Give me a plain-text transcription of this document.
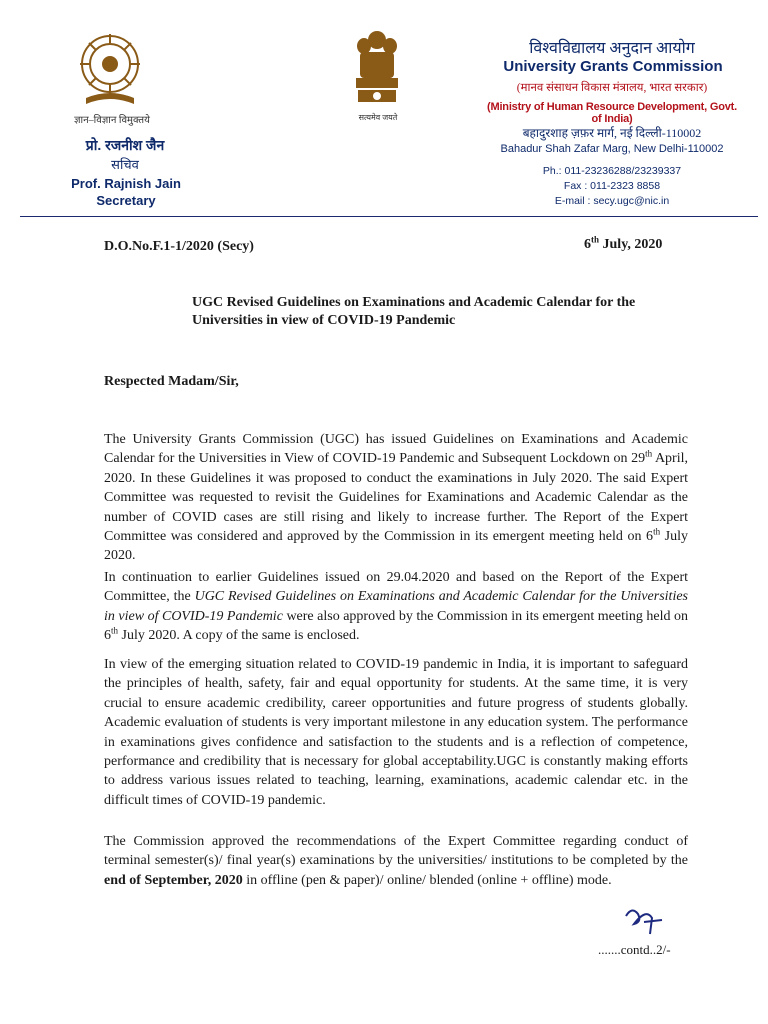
ज्ञान–विज्ञान विमुक्तये
प्रो. रजनीश जैन
सचिव
Prof. Rajnish Jain
Secretary
सत्यमेव जयते
विश्वविद्यालय अनुदान आयोग
University Grants Commission
(मानव संसाधन विकास मंत्रालय, भारत सरकार)
(Ministry of Human Resource Development, Govt. of India)
बहादुरशाह ज़फ़र मार्ग, नई दिल्ली-110002
Bahadur Shah Zafar Marg, New Delhi-110002
Ph.: 011-23236288/23239337
Fax : 011-2323 8858
E-mail : secy.ugc@nic.in
D.O.No.F.1-1/2020 (Secy)	6th July, 2020
UGC Revised Guidelines on Examinations and Academic Calendar for the Universities in view of COVID-19 Pandemic
Respected Madam/Sir,
The University Grants Commission (UGC) has issued Guidelines on Examinations and Academic Calendar for the Universities in View of COVID-19 Pandemic and Subsequent Lockdown on 29th April, 2020. In these Guidelines it was proposed to conduct the examinations in July 2020. The said Expert Committee was requested to revisit the Guidelines for Examinations and Academic Calendar as the number of COVID cases are still rising and likely to increase further. The Report of the Expert Committee was considered and approved by the Commission in its emergent meeting held on 6th July 2020.
In continuation to earlier Guidelines issued on 29.04.2020 and based on the Report of the Expert Committee, the UGC Revised Guidelines on Examinations and Academic Calendar for the Universities in view of COVID-19 Pandemic were also approved by the Commission in its emergent meeting held on 6th July 2020. A copy of the same is enclosed.
In view of the emerging situation related to COVID-19 pandemic in India, it is important to safeguard the principles of health, safety, fair and equal opportunity for students. At the same time, it is very crucial to ensure academic credibility, career opportunities and future progress of students globally. Academic evaluation of students is very important milestone in any education system. The performance in examinations gives confidence and satisfaction to the students and is a reflection of competence, performance and credibility that is necessary for global acceptability.UGC is constantly making efforts to address various issues related to teaching, learning, examinations, academic calendar etc. in the difficult times of COVID-19 pandemic.
The Commission approved the recommendations of the Expert Committee regarding conduct of terminal semester(s)/ final year(s) examinations by the universities/ institutions to be completed by the end of September, 2020 in offline (pen & paper)/ online/ blended (online + offline) mode.
.......contd..2/-
